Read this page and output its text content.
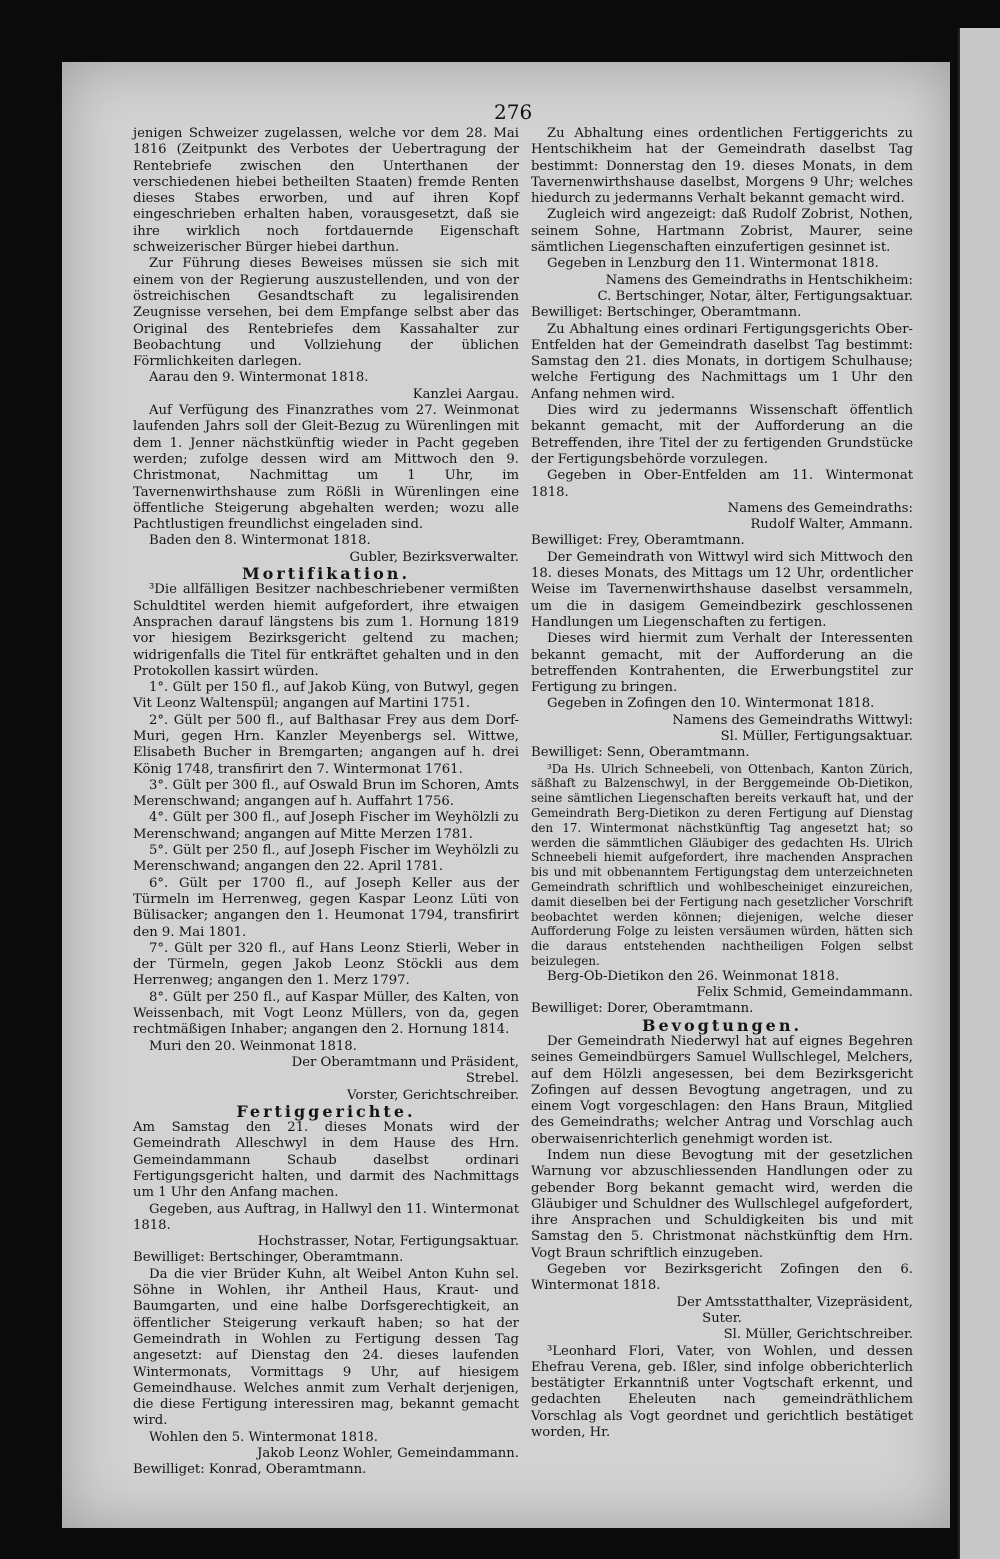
276

jenigen Schweizer zugelassen, welche vor dem 28. Mai 1816 (Zeitpunkt des Verbotes der Uebertragung der Rentebriefe zwischen den Unterthanen der verschiedenen hiebei betheilten Staaten) fremde Renten dieses Stabes erworben, und auf ihren Kopf eingeschrieben erhalten haben, vorausgesetzt, daß sie ihre wirklich noch fortdauernde Eigenschaft schweizerischer Bürger hiebei darthun.

Zur Führung dieses Beweises müssen sie sich mit einem von der Regierung auszustellenden, und von der östreichischen Gesandtschaft zu legalisirenden Zeugnisse versehen, bei dem Empfange selbst aber das Original des Rentebriefes dem Kassahalter zur Beobachtung und Vollziehung der üblichen Förmlichkeiten darlegen.

Aarau den 9. Wintermonat 1818.

Kanzlei Aargau.

Auf Verfügung des Finanzrathes vom 27. Weinmonat laufenden Jahrs soll der Gleit-Bezug zu Würenlingen mit dem 1. Jenner nächstkünftig wieder in Pacht gegeben werden; zufolge dessen wird am Mittwoch den 9. Christmonat, Nachmittag um 1 Uhr, im Tavernenwirthshause zum Rößli in Würenlingen eine öffentliche Steigerung abgehalten werden; wozu alle Pachtlustigen freundlichst eingeladen sind.

Baden den 8. Wintermonat 1818.

Gubler, Bezirksverwalter.

Mortifikation.

³Die allfälligen Besitzer nachbeschriebener vermißten Schuldtitel werden hiemit aufgefordert, ihre etwaigen Ansprachen darauf längstens bis zum 1. Hornung 1819 vor hiesigem Bezirksgericht geltend zu machen; widrigenfalls die Titel für entkräftet gehalten und in den Protokollen kassirt würden.

1°. Gült per 150 fl., auf Jakob Küng, von Butwyl, gegen Vit Leonz Waltenspül; angangen auf Martini 1751.

2°. Gült per 500 fl., auf Balthasar Frey aus dem Dorf-Muri, gegen Hrn. Kanzler Meyenbergs sel. Wittwe, Elisabeth Bucher in Bremgarten; angangen auf h. drei König 1748, transfirirt den 7. Wintermonat 1761.

3°. Gült per 300 fl., auf Oswald Brun im Schoren, Amts Merenschwand; angangen auf h. Auffahrt 1756.

4°. Gült per 300 fl., auf Joseph Fischer im Weyhölzli zu Merenschwand; angangen auf Mitte Merzen 1781.

5°. Gült per 250 fl., auf Joseph Fischer im Weyhölzli zu Merenschwand; angangen den 22. April 1781.

6°. Gült per 1700 fl., auf Joseph Keller aus der Türmeln im Herrenweg, gegen Kaspar Leonz Lüti von Bülisacker; angangen den 1. Heumonat 1794, transfirirt den 9. Mai 1801.

7°. Gült per 320 fl., auf Hans Leonz Stierli, Weber in der Türmeln, gegen Jakob Leonz Stöckli aus dem Herrenweg; angangen den 1. Merz 1797.

8°. Gült per 250 fl., auf Kaspar Müller, des Kalten, von Weissenbach, mit Vogt Leonz Müllers, von da, gegen rechtmäßigen Inhaber; angangen den 2. Hornung 1814.

Muri den 20. Weinmonat 1818.

Der Oberamtmann und Präsident,

Strebel.

Vorster, Gerichtschreiber.

Fertiggerichte.

Am Samstag den 21. dieses Monats wird der Gemeindrath Alleschwyl in dem Hause des Hrn. Gemeindammann Schaub daselbst ordinari Fertigungsgericht halten, und darmit des Nachmittags um 1 Uhr den Anfang machen.

Gegeben, aus Auftrag, in Hallwyl den 11. Wintermonat 1818.

Hochstrasser, Notar, Fertigungsaktuar.

Bewilliget: Bertschinger, Oberamtmann.

Da die vier Brüder Kuhn, alt Weibel Anton Kuhn sel. Söhne in Wohlen, ihr Antheil Haus, Kraut- und Baumgarten, und eine halbe Dorfsgerechtigkeit, an öffentlicher Steigerung verkauft haben; so hat der Gemeindrath in Wohlen zu Fertigung dessen Tag angesetzt: auf Dienstag den 24. dieses laufenden Wintermonats, Vormittags 9 Uhr, auf hiesigem Gemeindhause. Welches anmit zum Verhalt derjenigen, die diese Fertigung interessiren mag, bekannt gemacht wird.

Wohlen den 5. Wintermonat 1818.

Jakob Leonz Wohler, Gemeindammann.

Bewilliget: Konrad, Oberamtmann.

Zu Abhaltung eines ordentlichen Fertiggerichts zu Hentschikheim hat der Gemeindrath daselbst Tag bestimmt: Donnerstag den 19. dieses Monats, in dem Tavernenwirthshause daselbst, Morgens 9 Uhr; welches hiedurch zu jedermanns Verhalt bekannt gemacht wird.

Zugleich wird angezeigt: daß Rudolf Zobrist, Nothen, seinem Sohne, Hartmann Zobrist, Maurer, seine sämtlichen Liegenschaften einzufertigen gesinnet ist.

Gegeben in Lenzburg den 11. Wintermonat 1818.

Namens des Gemeindraths in Hentschikheim:

C. Bertschinger, Notar, älter, Fertigungsaktuar.

Bewilliget: Bertschinger, Oberamtmann.

Zu Abhaltung eines ordinari Fertigungsgerichts Ober-Entfelden hat der Gemeindrath daselbst Tag bestimmt: Samstag den 21. dies Monats, in dortigem Schulhause; welche Fertigung des Nachmittags um 1 Uhr den Anfang nehmen wird.

Dies wird zu jedermanns Wissenschaft öffentlich bekannt gemacht, mit der Aufforderung an die Betreffenden, ihre Titel der zu fertigenden Grundstücke der Fertigungsbehörde vorzulegen.

Gegeben in Ober-Entfelden am 11. Wintermonat 1818.

Namens des Gemeindraths:

Rudolf Walter, Ammann.

Bewilliget: Frey, Oberamtmann.

Der Gemeindrath von Wittwyl wird sich Mittwoch den 18. dieses Monats, des Mittags um 12 Uhr, ordentlicher Weise im Tavernenwirthshause daselbst versammeln, um die in dasigem Gemeindbezirk geschlossenen Handlungen um Liegenschaften zu fertigen.

Dieses wird hiermit zum Verhalt der Interessenten bekannt gemacht, mit der Aufforderung an die betreffenden Kontrahenten, die Erwerbungstitel zur Fertigung zu bringen.

Gegeben in Zofingen den 10. Wintermonat 1818.

Namens des Gemeindraths Wittwyl:

Sl. Müller, Fertigungsaktuar.

Bewilliget: Senn, Oberamtmann.

³Da Hs. Ulrich Schneebeli, von Ottenbach, Kanton Zürich, säßhaft zu Balzenschwyl, in der Berggemeinde Ob-Dietikon, seine sämtlichen Liegenschaften bereits verkauft hat, und der Gemeindrath Berg-Dietikon zu deren Fertigung auf Dienstag den 17. Wintermonat nächstkünftig Tag angesetzt hat; so werden die sämmtlichen Gläubiger des gedachten Hs. Ulrich Schneebeli hiemit aufgefordert, ihre machenden Ansprachen bis und mit obbenanntem Fertigungstag dem unterzeichneten Gemeindrath schriftlich und wohlbescheiniget einzureichen, damit dieselben bei der Fertigung nach gesetzlicher Vorschrift beobachtet werden können; diejenigen, welche dieser Aufforderung Folge zu leisten versäumen würden, hätten sich die daraus entstehenden nachtheiligen Folgen selbst beizulegen.

Berg-Ob-Dietikon den 26. Weinmonat 1818.

Felix Schmid, Gemeindammann.

Bewilliget: Dorer, Oberamtmann.

Bevogtungen.

Der Gemeindrath Niederwyl hat auf eignes Begehren seines Gemeindbürgers Samuel Wullschlegel, Melchers, auf dem Hölzli angesessen, bei dem Bezirksgericht Zofingen auf dessen Bevogtung angetragen, und zu einem Vogt vorgeschlagen: den Hans Braun, Mitglied des Gemeindraths; welcher Antrag und Vorschlag auch oberwaisenrichterlich genehmigt worden ist.

Indem nun diese Bevogtung mit der gesetzlichen Warnung vor abzuschliessenden Handlungen oder zu gebender Borg bekannt gemacht wird, werden die Gläubiger und Schuldner des Wullschlegel aufgefordert, ihre Ansprachen und Schuldigkeiten bis und mit Samstag den 5. Christmonat nächstkünftig dem Hrn. Vogt Braun schriftlich einzugeben.

Gegeben vor Bezirksgericht Zofingen den 6. Wintermonat 1818.

Der Amtsstatthalter, Vizepräsident,

Suter.

Sl. Müller, Gerichtschreiber.

³Leonhard Flori, Vater, von Wohlen, und dessen Ehefrau Verena, geb. Ißler, sind infolge obberichterlich bestätigter Erkanntniß unter Vogtschaft erkennt, und gedachten Eheleuten nach gemeindräthlichem Vorschlag als Vogt geordnet und gerichtlich bestätiget worden, Hr.
